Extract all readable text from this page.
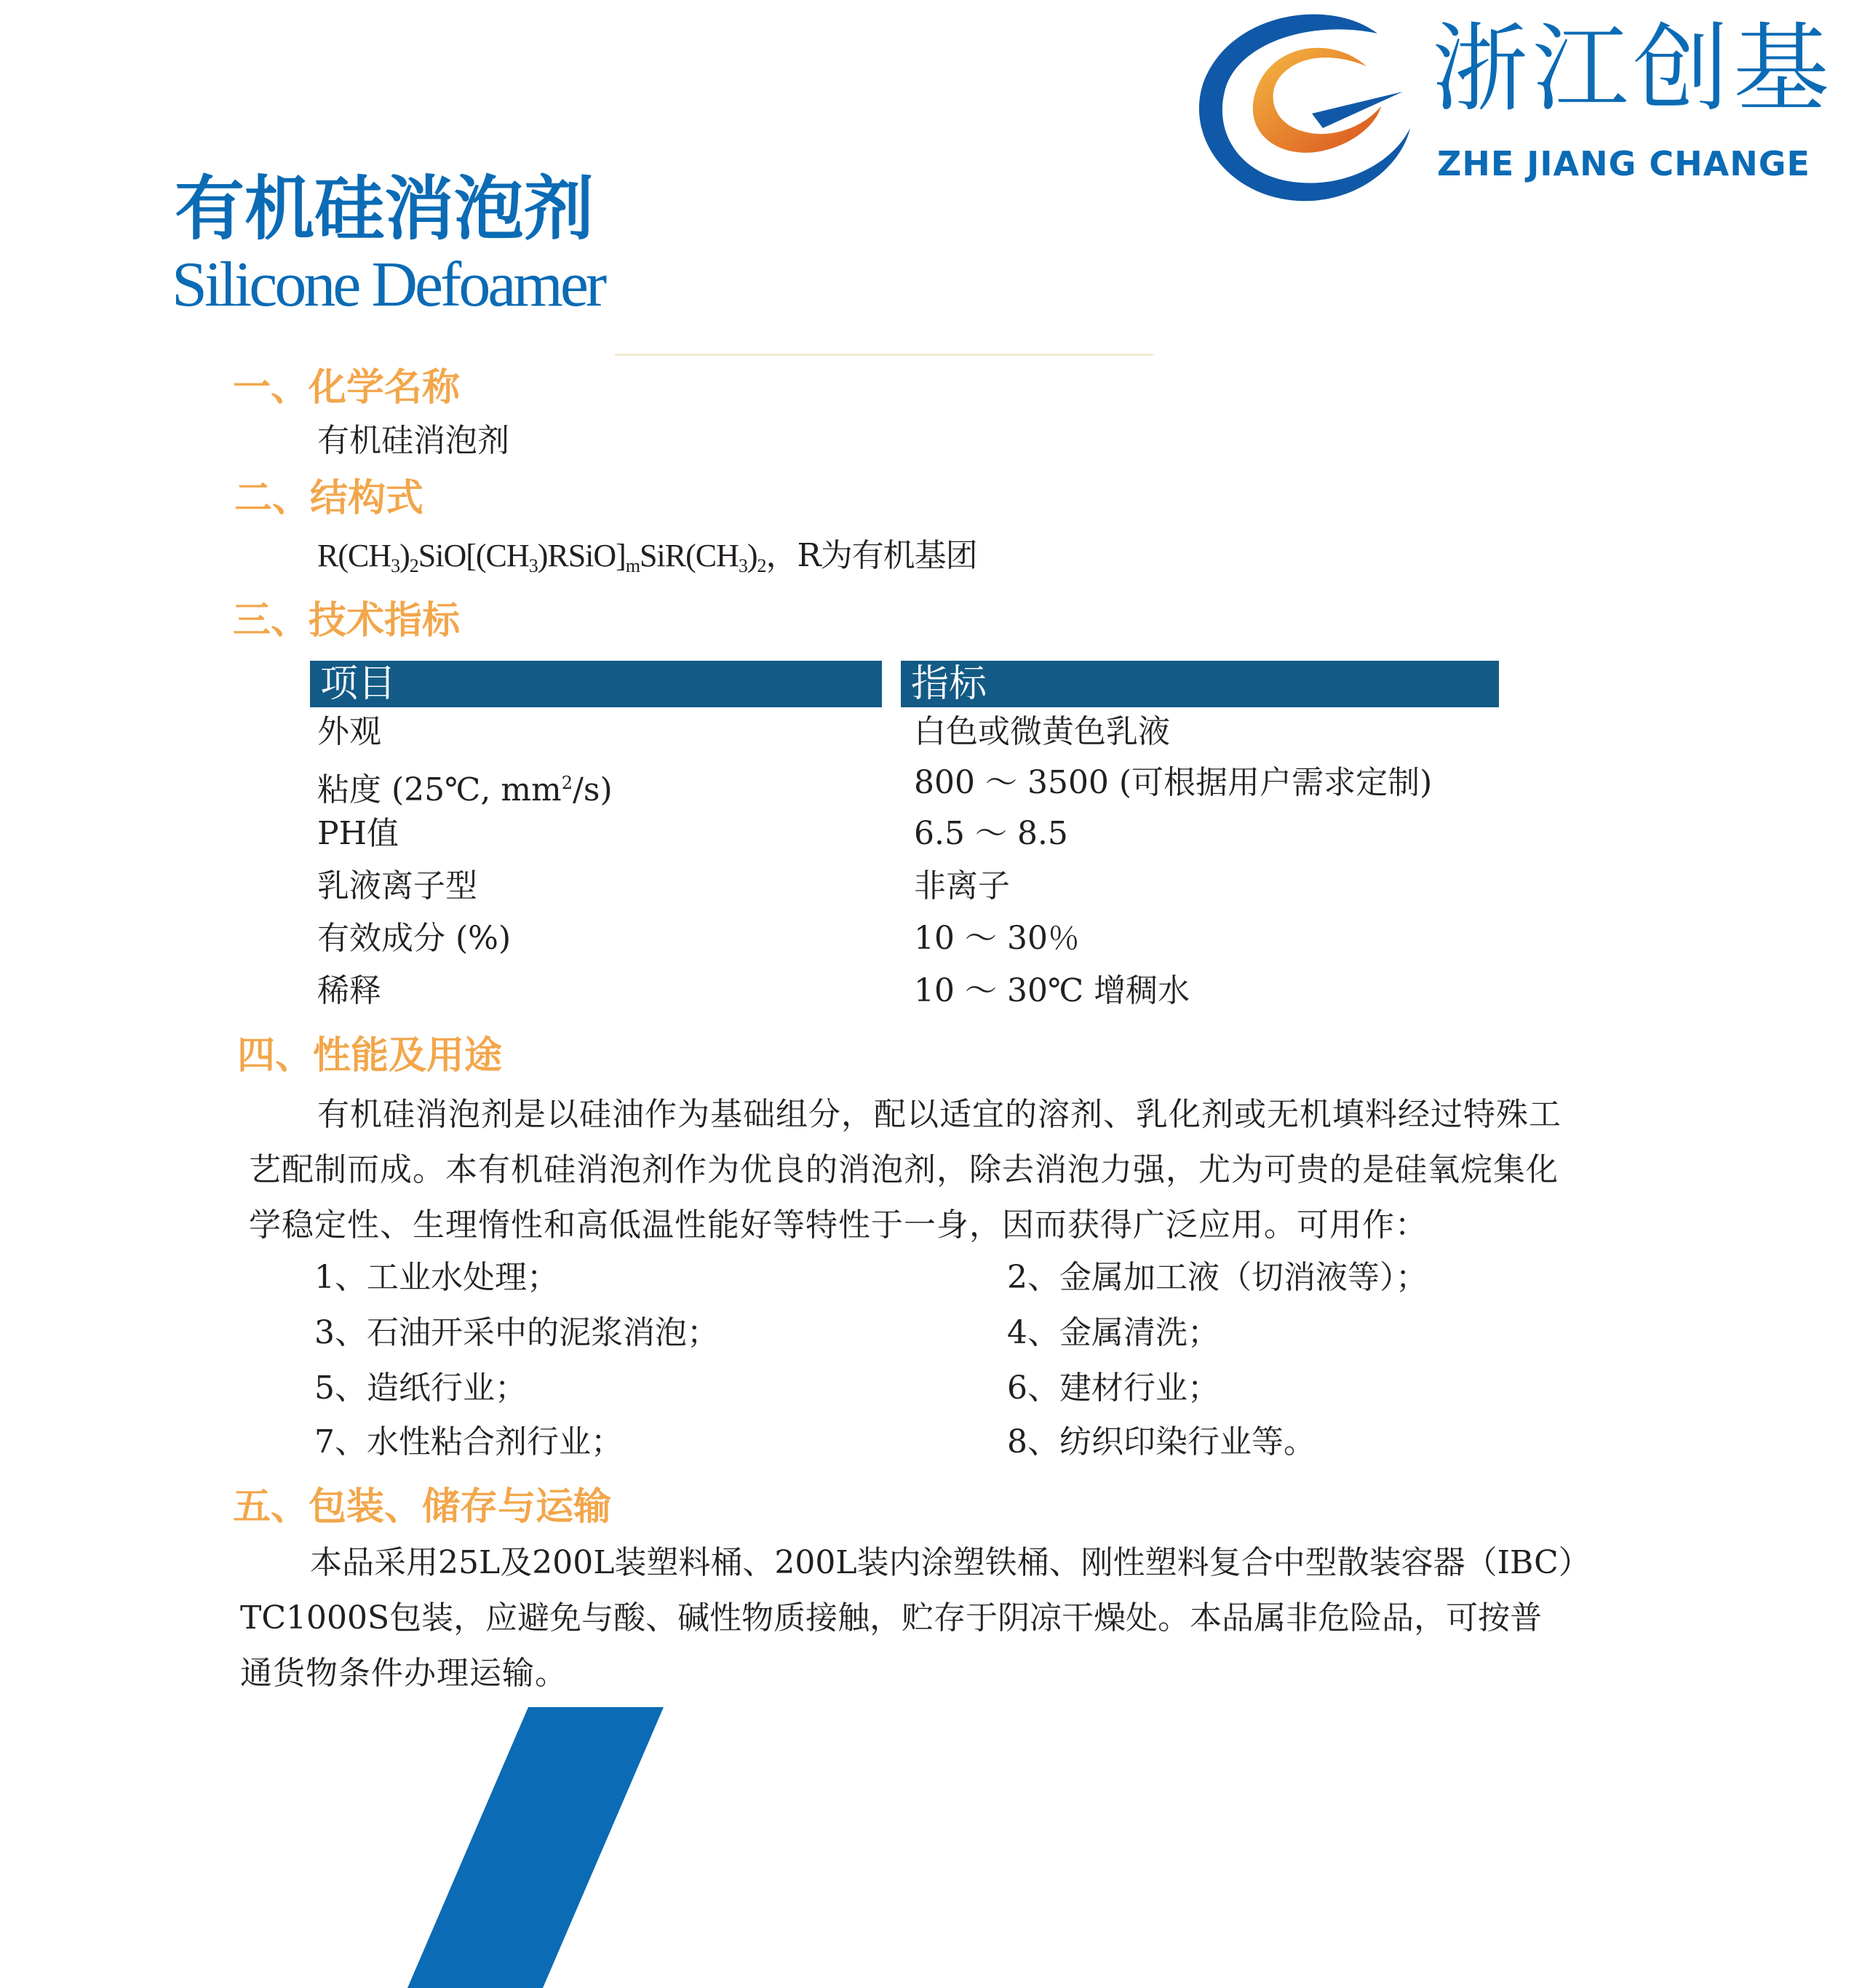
浙江创基
ZHE JIANG CHANGE
有机硅消泡剂
Silicone Defoamer
一、化学名称
有机硅消泡剂
二、结构式
$R(CH_3)_2SiO[(CH_3)RSiO]_mSiR(CH_3)_2$，R为有机基团
三、技术指标
项目	指标
外观	白色或微黄色乳液
粘度 (25℃, $mm^2/s$)	800 ～ 3500 (可根据用户需求定制)
PH值	6.5 ～ 8.5
乳液离子型	非离子
有效成分 (%)	10 ～ 30％
稀释	10 ～ 30℃ 增稠水
四、性能及用途
有机硅消泡剂是以硅油作为基础组分，配以适宜的溶剂、乳化剂或无机填料经过特殊工
艺配制而成。本有机硅消泡剂作为优良的消泡剂，除去消泡力强，尤为可贵的是硅氧烷集化
学稳定性、生理惰性和高低温性能好等特性于一身，因而获得广泛应用。可用作：
1、工业水处理；	2、金属加工液（切消液等）；
3、石油开采中的泥浆消泡；	4、金属清洗；
5、造纸行业；	6、建材行业；
7、水性粘合剂行业；	8、纺织印染行业等。
五、包装、储存与运输
本品采用25L及200L装塑料桶、200L装内涂塑铁桶、刚性塑料复合中型散装容器（IBC）
TC1000S包装，应避免与酸、碱性物质接触，贮存于阴凉干燥处。本品属非危险品，可按普
通货物条件办理运输。
